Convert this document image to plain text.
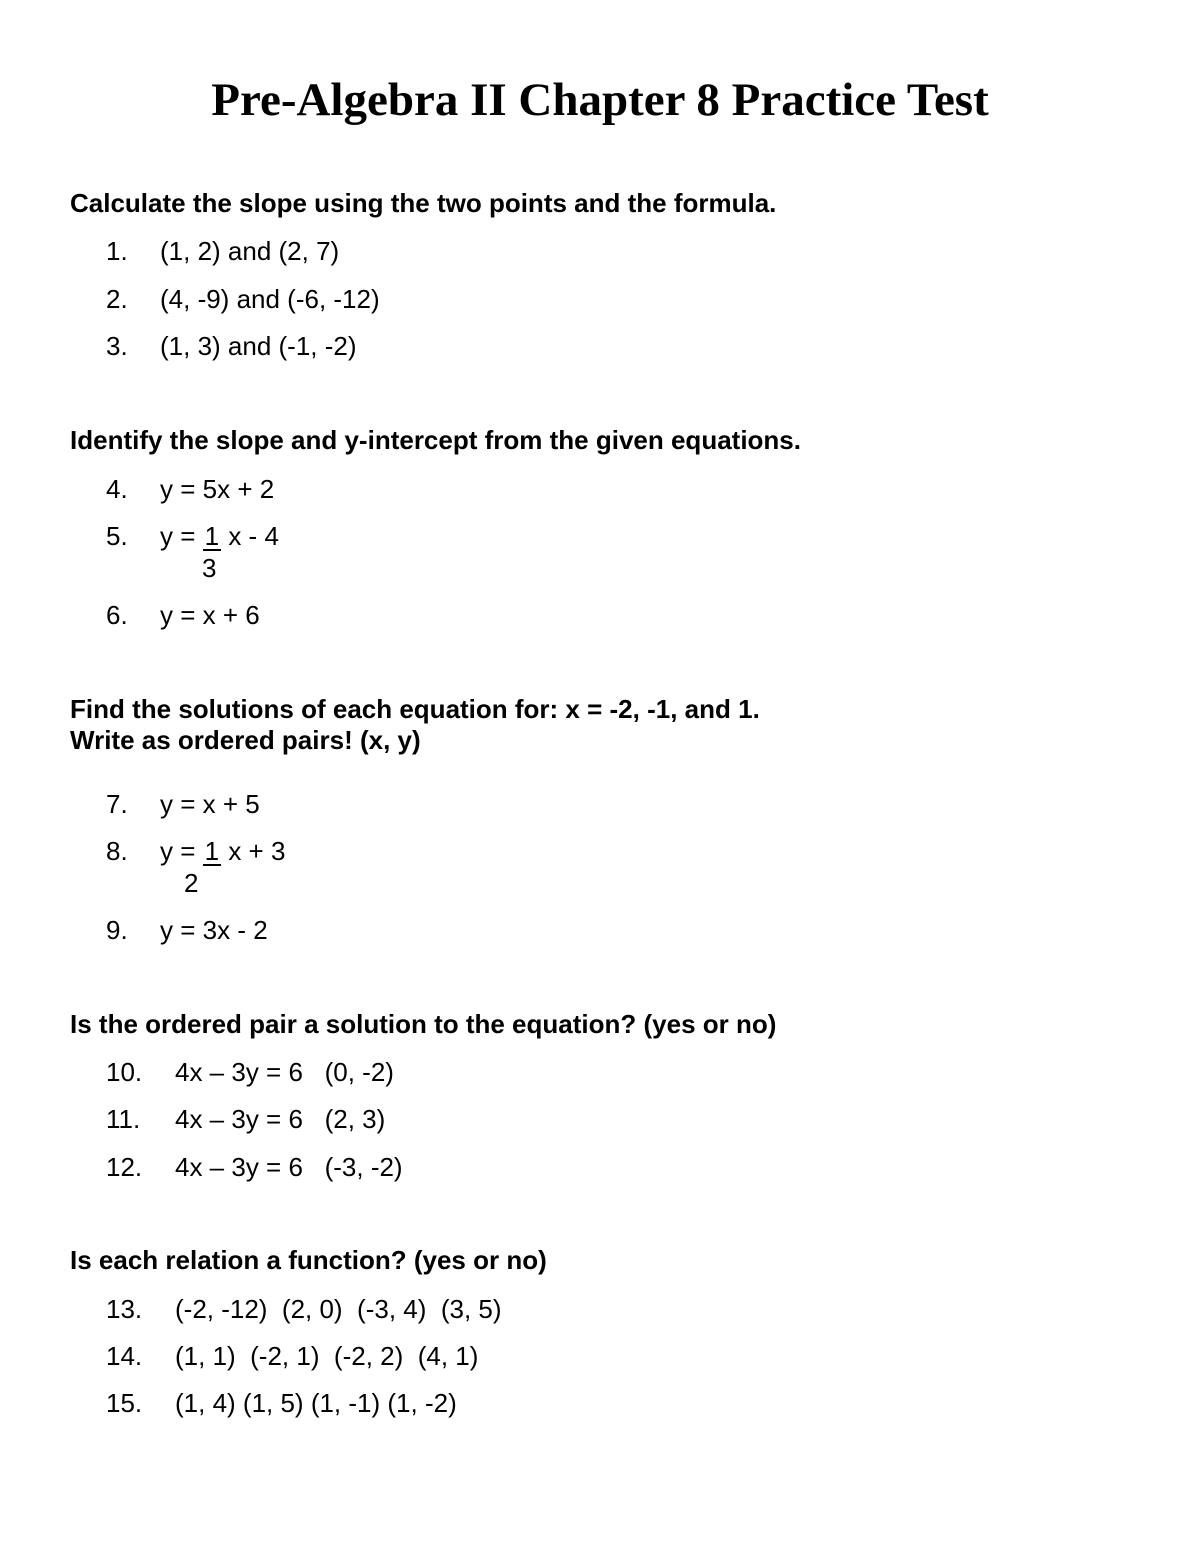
Pre-Algebra II Chapter 8 Practice Test

Calculate the slope using the two points and the formula.

1. (1, 2) and (2, 7)
2. (4, -9) and (-6, -12)
3. (1, 3) and (-1, -2)

Identify the slope and y-intercept from the given equations.

4. y = 5x + 2
5. y = 1 x - 4
3
6. y = x + 6

Find the solutions of each equation for: x = -2, -1, and 1.

Write as ordered pairs! (x, y)

7. y = x + 5
8. y = 1 x + 3
2
9. y = 3x - 2

Is the ordered pair a solution to the equation? (yes or no)

10. 4x – 3y = 6   (0, -2)
11. 4x – 3y = 6   (2, 3)
12. 4x – 3y = 6   (-3, -2)

Is each relation a function? (yes or no)

13. (-2, -12)  (2, 0)  (-3, 4)  (3, 5)
14. (1, 1)  (-2, 1)  (-2, 2)  (4, 1)
15. (1, 4) (1, 5) (1, -1) (1, -2)
